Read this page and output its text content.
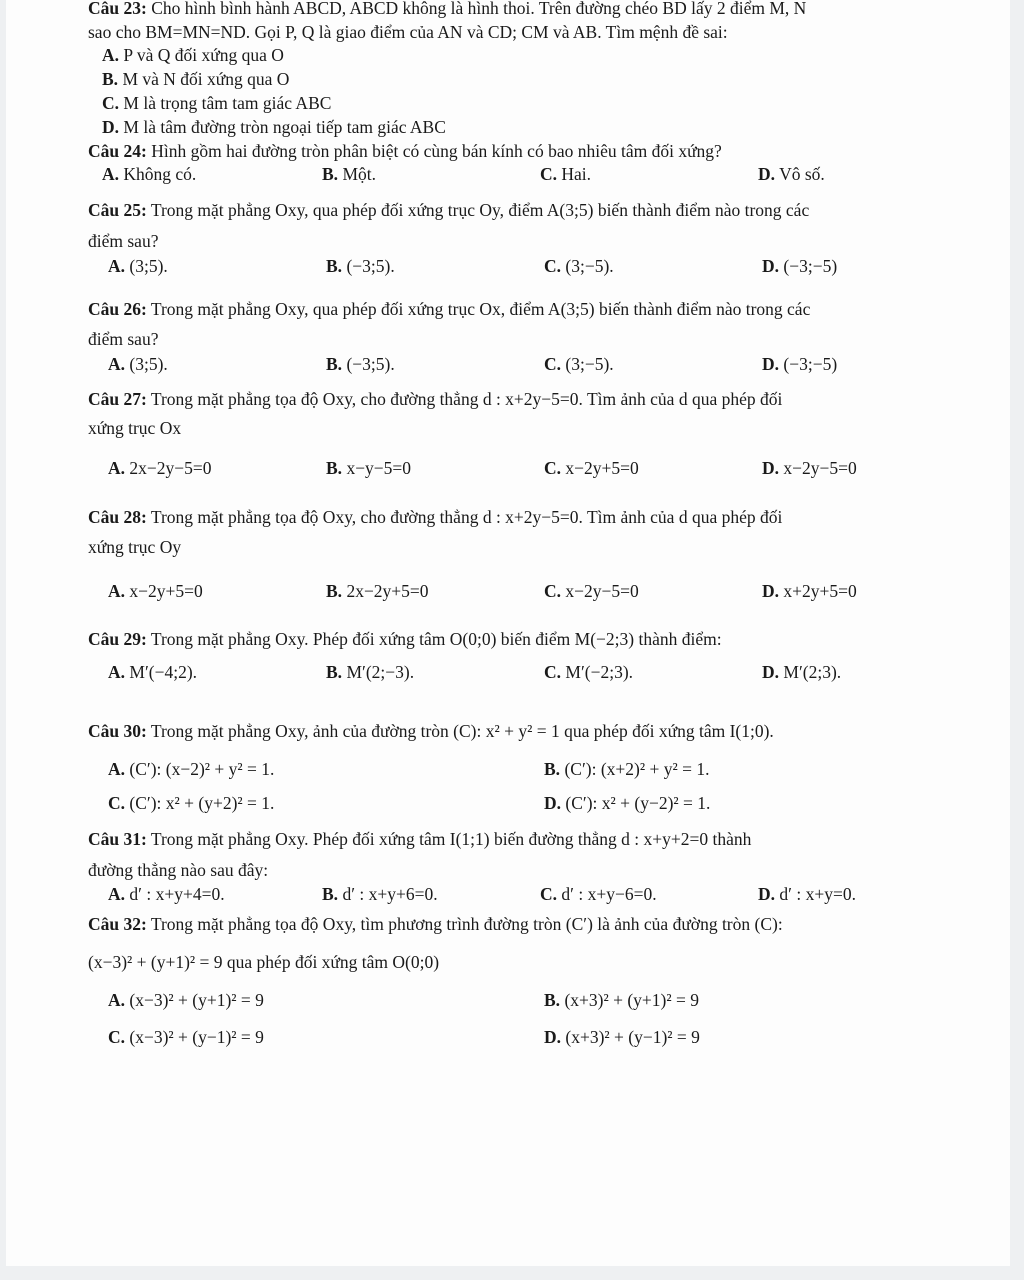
Câu 23: Cho hình bình hành ABCD, ABCD không là hình thoi. Trên đường chéo BD lấy 2 điểm M, N
sao cho BM=MN=ND. Gọi P, Q là giao điểm của AN và CD; CM và AB. Tìm mệnh đề sai:
A. P và Q đối xứng qua O
B. M và N đối xứng qua O
C. M là trọng tâm tam giác ABC
D. M là tâm đường tròn ngoại tiếp tam giác ABC
Câu 24: Hình gồm hai đường tròn phân biệt có cùng bán kính có bao nhiêu tâm đối xứng?
A. Không có.	B. Một.	C. Hai.	D. Vô số.
Câu 25: Trong mặt phẳng Oxy, qua phép đối xứng trục Oy, điểm A(3;5) biến thành điểm nào trong các
điểm sau?
A. (3;5).	B. (−3;5).	C. (3;−5).	D. (−3;−5)
Câu 26: Trong mặt phẳng Oxy, qua phép đối xứng trục Ox, điểm A(3;5) biến thành điểm nào trong các
điểm sau?
A. (3;5).	B. (−3;5).	C. (3;−5).	D. (−3;−5)
Câu 27: Trong mặt phẳng tọa độ Oxy, cho đường thẳng d : x+2y−5=0. Tìm ảnh của d qua phép đối
xứng trục Ox
A. 2x−2y−5=0	B. x−y−5=0	C. x−2y+5=0	D. x−2y−5=0
Câu 28: Trong mặt phẳng tọa độ Oxy, cho đường thẳng d : x+2y−5=0. Tìm ảnh của d qua phép đối
xứng trục Oy
A. x−2y+5=0	B. 2x−2y+5=0	C. x−2y−5=0	D. x+2y+5=0
Câu 29: Trong mặt phẳng Oxy. Phép đối xứng tâm O(0;0) biến điểm M(−2;3) thành điểm:
A. M′(−4;2).	B. M′(2;−3).	C. M′(−2;3).	D. M′(2;3).
Câu 30: Trong mặt phẳng Oxy, ảnh của đường tròn (C): x² + y² = 1 qua phép đối xứng tâm I(1;0).
A. (C′): (x−2)² + y² = 1.	B. (C′): (x+2)² + y² = 1.
C. (C′): x² + (y+2)² = 1.	D. (C′): x² + (y−2)² = 1.
Câu 31: Trong mặt phẳng Oxy. Phép đối xứng tâm I(1;1) biến đường thẳng d : x+y+2=0 thành
đường thẳng nào sau đây:
A. d′ : x+y+4=0.	B. d′ : x+y+6=0.	C. d′ : x+y−6=0.	D. d′ : x+y=0.
Câu 32: Trong mặt phẳng tọa độ Oxy, tìm phương trình đường tròn (C′) là ảnh của đường tròn (C):
(x−3)² + (y+1)² = 9 qua phép đối xứng tâm O(0;0)
A. (x−3)² + (y+1)² = 9	B. (x+3)² + (y+1)² = 9
C. (x−3)² + (y−1)² = 9	D. (x+3)² + (y−1)² = 9
